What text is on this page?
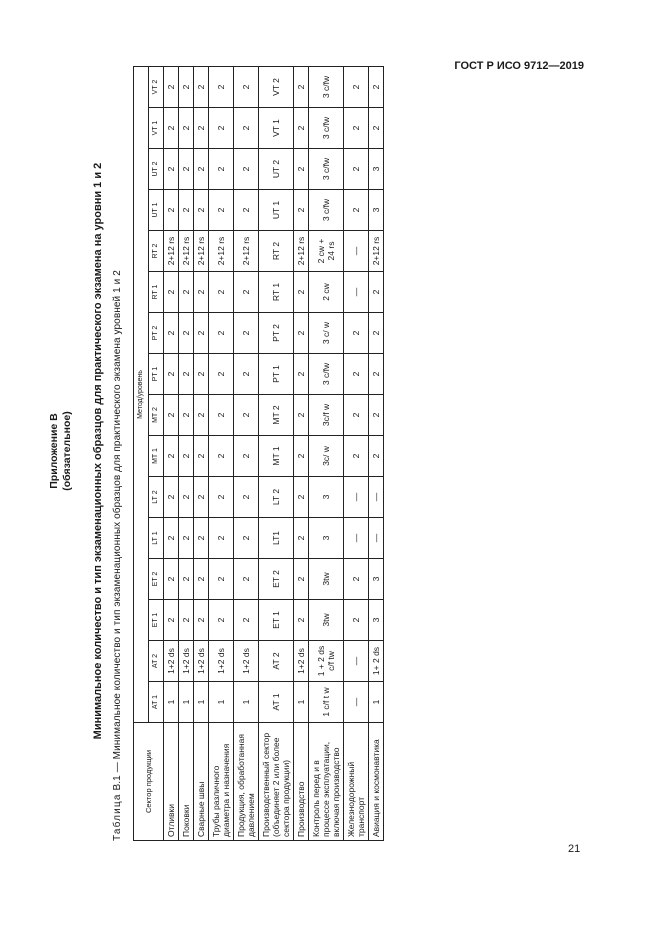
ГОСТ Р ИСО 9712—2019
Приложение В (обязательное) Минимальное количество и тип экзаменационных образцов для практического экзамена на уровни 1 и 2
Таблица В.1 — Минимальное количество и тип экзаменационных образцов для практического экзамена уровней 1 и 2	Сектор продукции	Метод/уровень															
	AT 1	AT 2	ET 1	ET 2	LT 1	LT 2	MT 1	MT 2	PT 1	PT 2	RT 1	RT 2	UT 1	UT 2	VT 1	VT 2
Отливки	1	1+2 ds	2	2	2	2	2	2	2	2	2	2+12 rs	2	2	2	2
Поковки	1	1+2 ds	2	2	2	2	2	2	2	2	2	2+12 rs	2	2	2	2
Сварные швы	1	1+2 ds	2	2	2	2	2	2	2	2	2	2+12 rs	2	2	2	2
Трубы различного диаметра и назначения	1	1+2 ds	2	2	2	2	2	2	2	2	2	2+12 rs	2	2	2	2
Продукция, обработанная давлением	1	1+2 ds	2	2	2	2	2	2	2	2	2	2+12 rs	2	2	2	2
Производственный сектор (объединяет 2 или более сектора продукции)	AT 1	AT 2	ET 1	ET 2	LT1	LT 2	MT 1	MT 2	PT 1	PT 2	RT 1	RT 2	UT 1	UT 2	VT 1	VT 2
Производство	1	1+2 ds	2	2	2	2	2	2	2	2	2	2+12 rs	2	2	2	2
Контроль перед и в процессе эксплуатации, включая производство	1 c/f t w	1 + 2 ds c/f tw	3tw	3tw	3	3	3c/ w	3c/f w	3 c/fw	3 c/ w	2 cw	2 cw + 24 rs	3 c/fw	3 c/fw	3 c/fw	3 c/fw
Железнодорожный транспорт	—	—	2	2	—	—	2	2	2	2	—	—	2	2	2	2
Авиация и космонавтика	1	1+ 2 ds	3	3	—	—	2	2	2	2	2	2+12 rs	3	3	2	2
21
